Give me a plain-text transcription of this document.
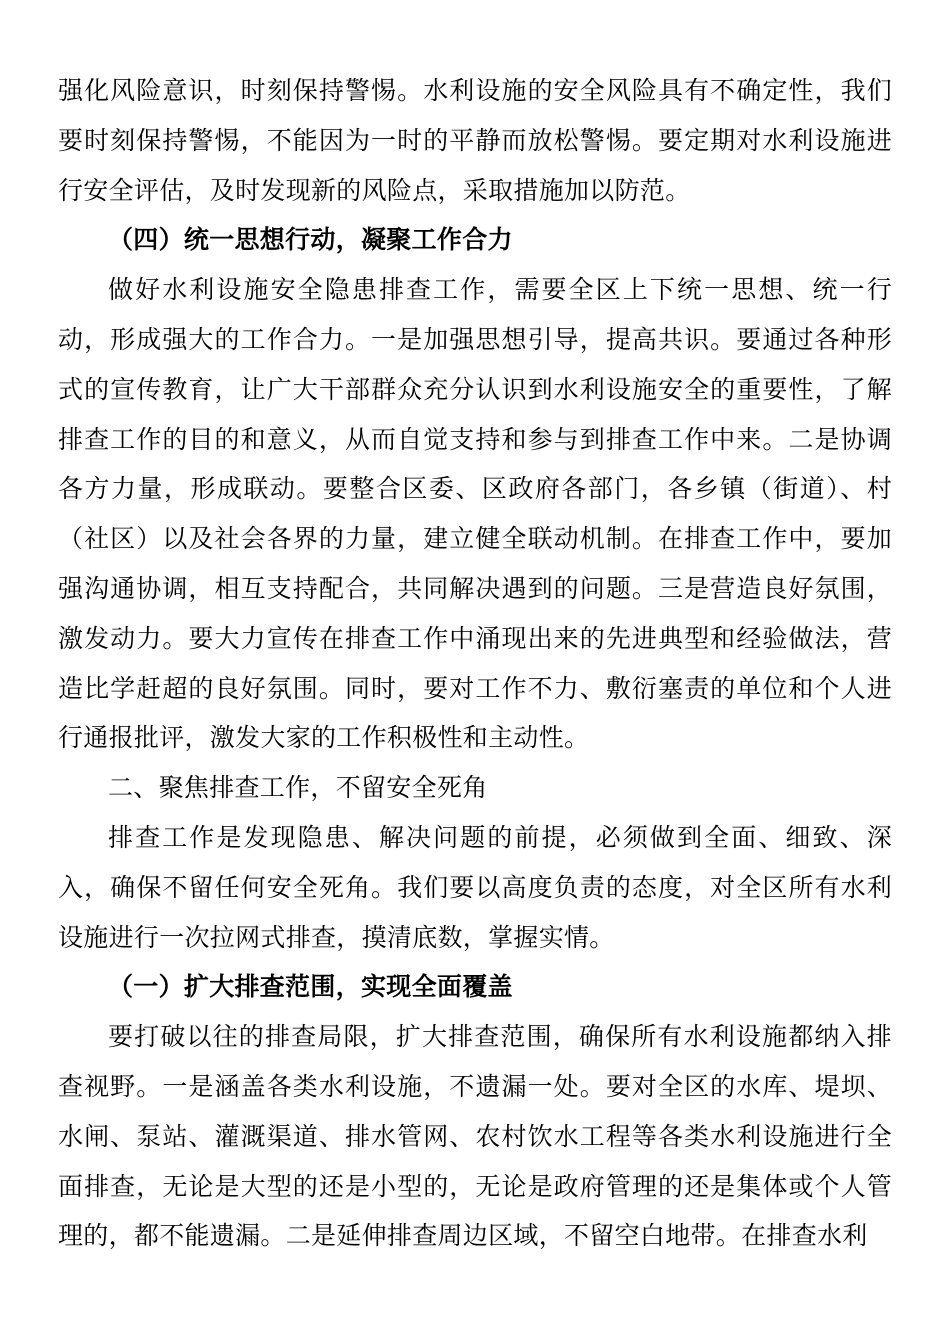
强化风险意识，时刻保持警惕。水利设施的安全风险具有不确定性，我们要时刻保持警惕，不能因为一时的平静而放松警惕。要定期对水利设施进行安全评估，及时发现新的风险点，采取措施加以防范。

（四）统一思想行动，凝聚工作合力

做好水利设施安全隐患排查工作，需要全区上下统一思想、统一行动，形成强大的工作合力。一是加强思想引导，提高共识。要通过各种形式的宣传教育，让广大干部群众充分认识到水利设施安全的重要性，了解排查工作的目的和意义，从而自觉支持和参与到排查工作中来。二是协调各方力量，形成联动。要整合区委、区政府各部门，各乡镇（街道）、村（社区）以及社会各界的力量，建立健全联动机制。在排查工作中，要加强沟通协调，相互支持配合，共同解决遇到的问题。三是营造良好氛围，激发动力。要大力宣传在排查工作中涌现出来的先进典型和经验做法，营造比学赶超的良好氛围。同时，要对工作不力、敷衍塞责的单位和个人进行通报批评，激发大家的工作积极性和主动性。

二、聚焦排查工作，不留安全死角

排查工作是发现隐患、解决问题的前提，必须做到全面、细致、深入，确保不留任何安全死角。我们要以高度负责的态度，对全区所有水利设施进行一次拉网式排查，摸清底数，掌握实情。

（一）扩大排查范围，实现全面覆盖

要打破以往的排查局限，扩大排查范围，确保所有水利设施都纳入排查视野。一是涵盖各类水利设施，不遗漏一处。要对全区的水库、堤坝、水闸、泵站、灌溉渠道、排水管网、农村饮水工程等各类水利设施进行全面排查，无论是大型的还是小型的，无论是政府管理的还是集体或个人管理的，都不能遗漏。二是延伸排查周边区域，不留空白地带。在排查水利
